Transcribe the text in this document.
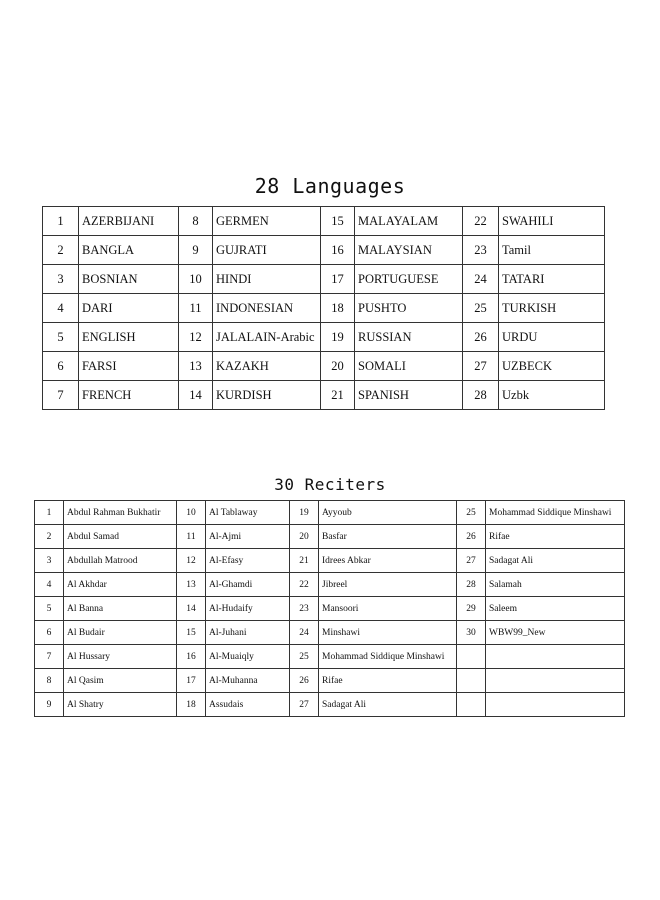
28 Languages
1	AZERBIJANI	8	GERMEN	15	MALAYALAM	22	SWAHILI
2	BANGLA	9	GUJRATI	16	MALAYSIAN	23	Tamil
3	BOSNIAN	10	HINDI	17	PORTUGUESE	24	TATARI
4	DARI	11	INDONESIAN	18	PUSHTO	25	TURKISH
5	ENGLISH	12	JALALAIN-Arabic	19	RUSSIAN	26	URDU
6	FARSI	13	KAZAKH	20	SOMALI	27	UZBECK
7	FRENCH	14	KURDISH	21	SPANISH	28	Uzbk
30 Reciters
1	Abdul Rahman Bukhatir	10	Al Tablaway	19	Ayyoub	25	Mohammad Siddique Minshawi
2	Abdul Samad	11	Al-Ajmi	20	Basfar	26	Rifae
3	Abdullah Matrood	12	Al-Efasy	21	Idrees Abkar	27	Sadagat Ali
4	Al Akhdar	13	Al-Ghamdi	22	Jibreel	28	Salamah
5	Al Banna	14	Al-Hudaify	23	Mansoori	29	Saleem
6	Al Budair	15	Al-Juhani	24	Minshawi	30	WBW99_New
7	Al Hussary	16	Al-Muaiqly	25	Mohammad Siddique Minshawi		
8	Al Qasim	17	Al-Muhanna	26	Rifae		
9	Al Shatry	18	Assudais	27	Sadagat Ali		
